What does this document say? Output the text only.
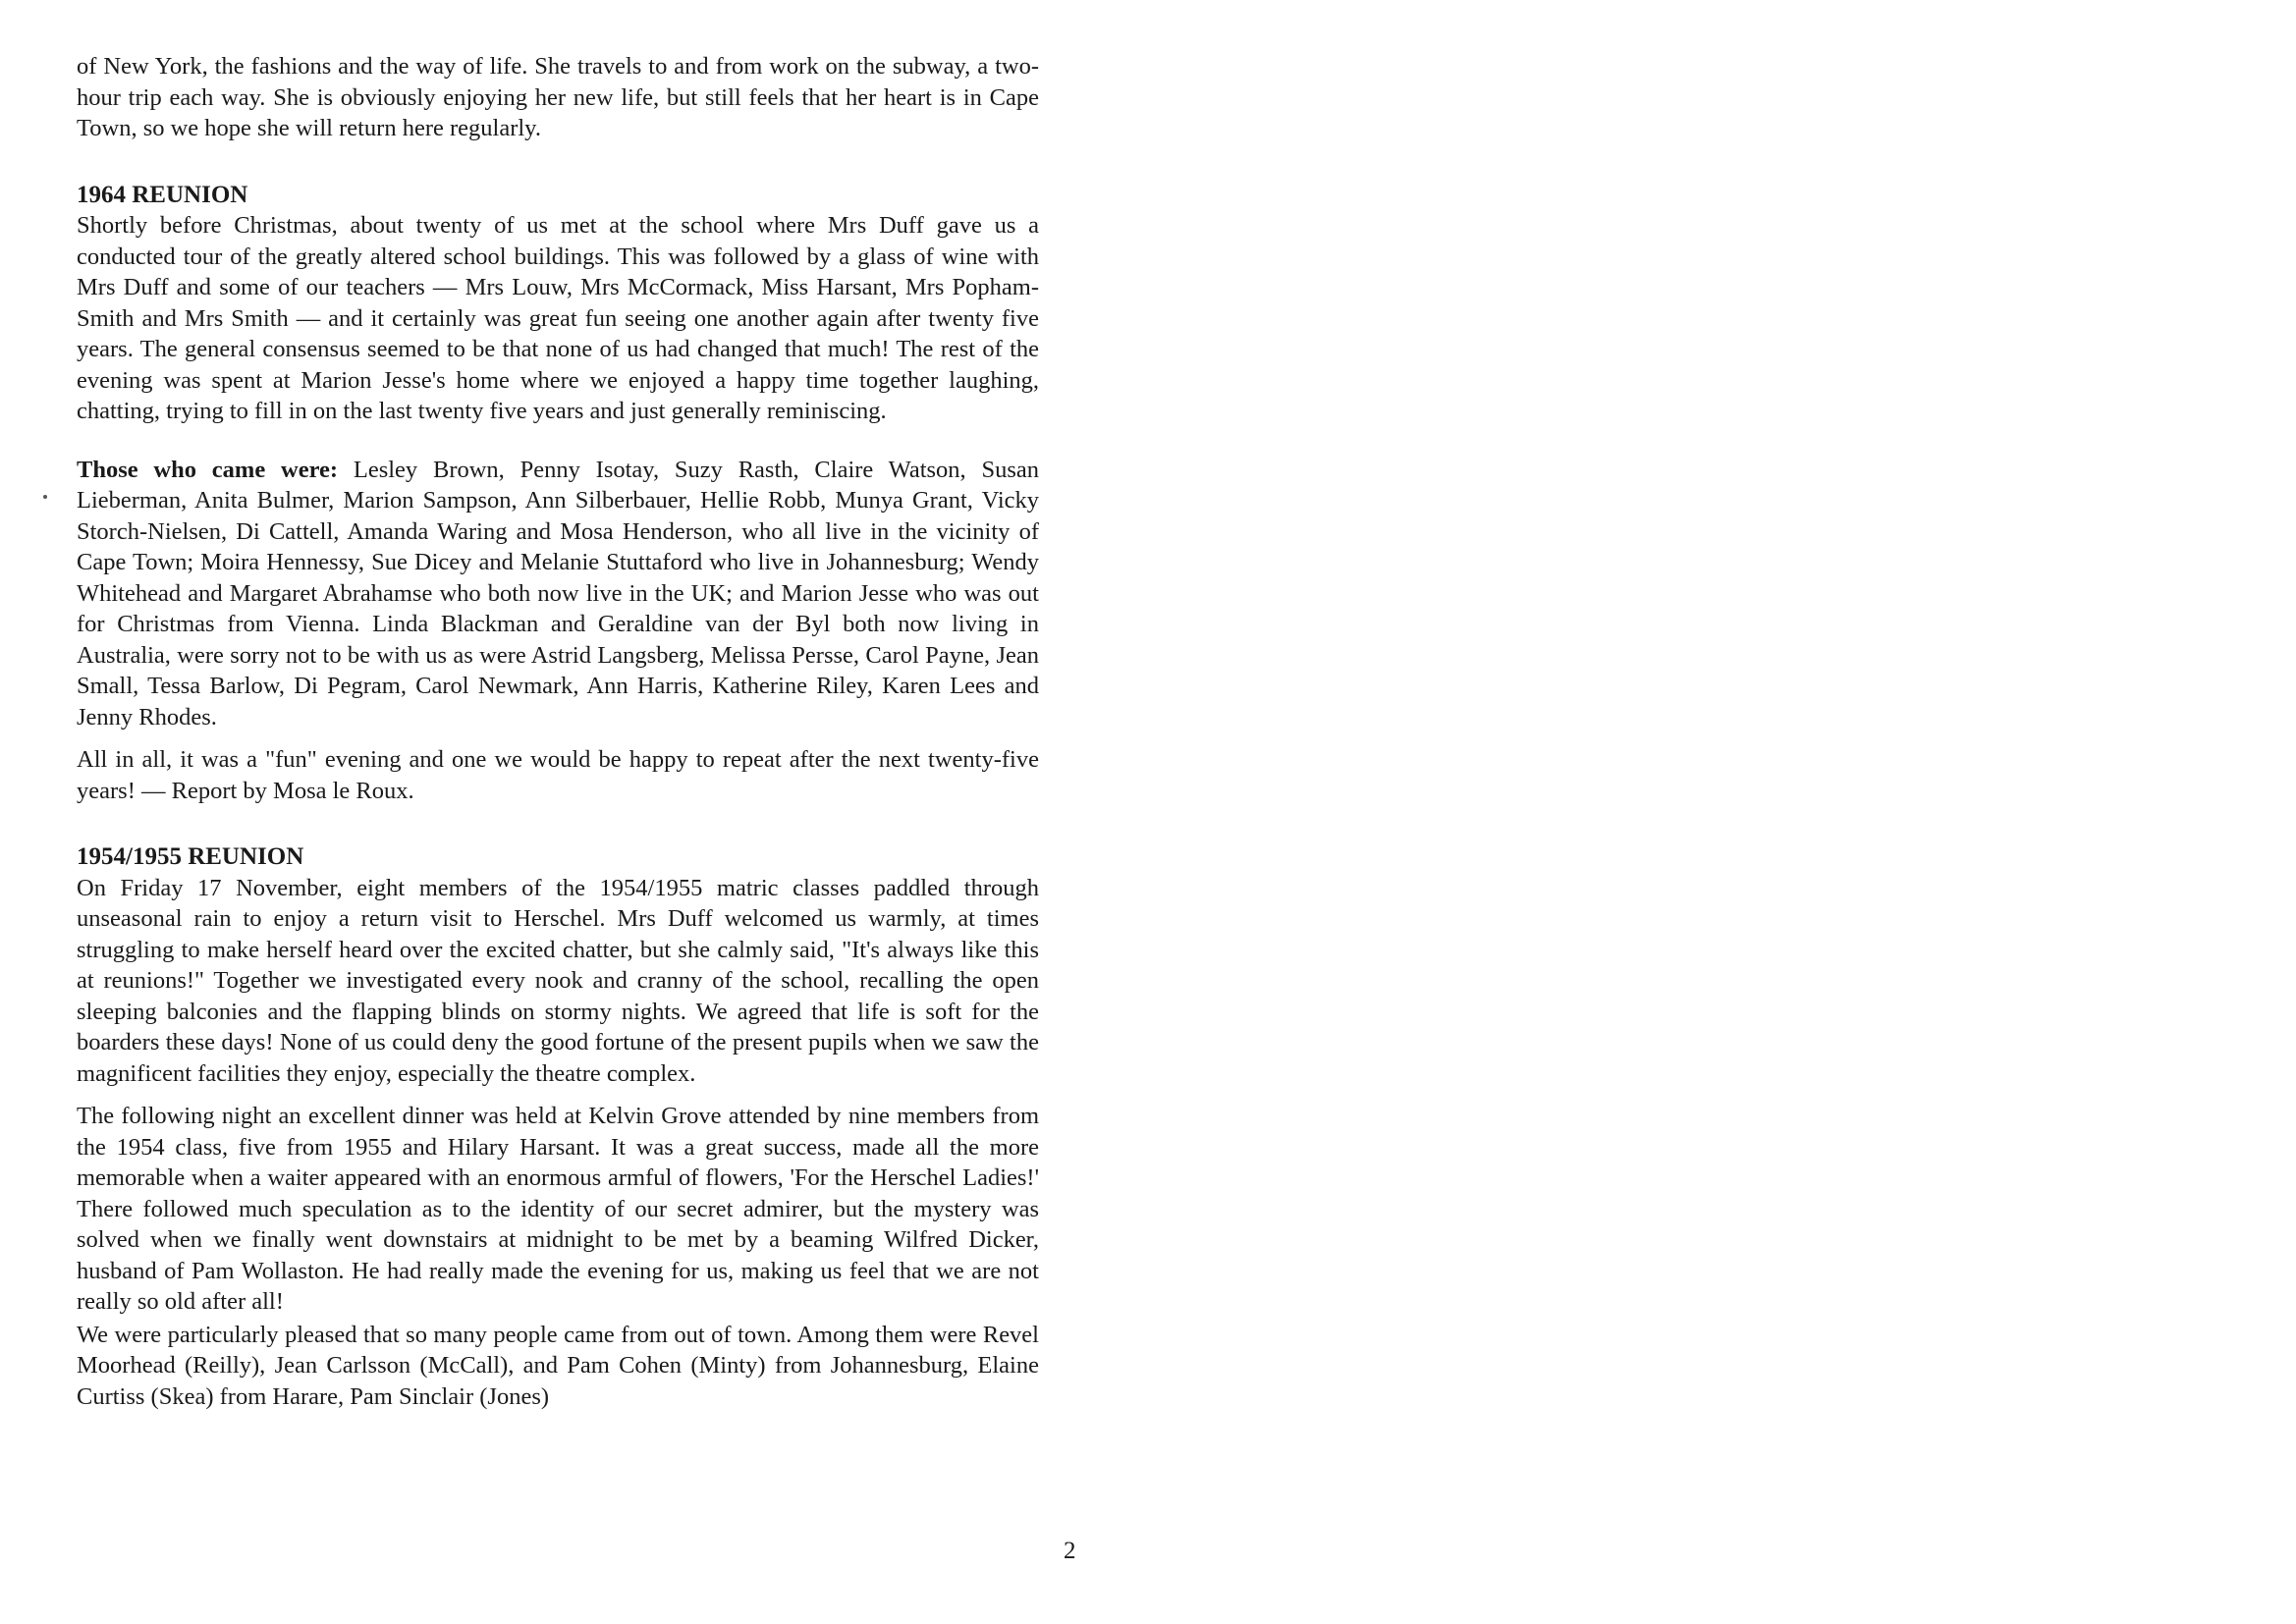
of New York, the fashions and the way of life. She travels to and from work on the subway, a two-hour trip each way. She is obviously enjoying her new life, but still feels that her heart is in Cape Town, so we hope she will return here regularly.

1964 REUNION

Shortly before Christmas, about twenty of us met at the school where Mrs Duff gave us a conducted tour of the greatly altered school buildings. This was followed by a glass of wine with Mrs Duff and some of our teachers — Mrs Louw, Mrs McCormack, Miss Harsant, Mrs Popham-Smith and Mrs Smith — and it certainly was great fun seeing one another again after twenty five years. The general consensus seemed to be that none of us had changed that much! The rest of the evening was spent at Marion Jesse's home where we enjoyed a happy time together laughing, chatting, trying to fill in on the last twenty five years and just generally reminiscing.

Those who came were: Lesley Brown, Penny Isotay, Suzy Rasth, Claire Watson, Susan Lieberman, Anita Bulmer, Marion Sampson, Ann Silberbauer, Hellie Robb, Munya Grant, Vicky Storch-Nielsen, Di Cattell, Amanda Waring and Mosa Henderson, who all live in the vicinity of Cape Town; Moira Hennessy, Sue Dicey and Melanie Stuttaford who live in Johannesburg; Wendy Whitehead and Margaret Abrahamse who both now live in the UK; and Marion Jesse who was out for Christmas from Vienna. Linda Blackman and Geraldine van der Byl both now living in Australia, were sorry not to be with us as were Astrid Langsberg, Melissa Persse, Carol Payne, Jean Small, Tessa Barlow, Di Pegram, Carol Newmark, Ann Harris, Katherine Riley, Karen Lees and Jenny Rhodes.

All in all, it was a "fun" evening and one we would be happy to repeat after the next twenty-five years! — Report by Mosa le Roux.

1954/1955 REUNION

On Friday 17 November, eight members of the 1954/1955 matric classes paddled through unseasonal rain to enjoy a return visit to Herschel. Mrs Duff welcomed us warmly, at times struggling to make herself heard over the excited chatter, but she calmly said, "It's always like this at reunions!" Together we investigated every nook and cranny of the school, recalling the open sleeping balconies and the flapping blinds on stormy nights. We agreed that life is soft for the boarders these days! None of us could deny the good fortune of the present pupils when we saw the magnificent facilities they enjoy, especially the theatre complex.

The following night an excellent dinner was held at Kelvin Grove attended by nine members from the 1954 class, five from 1955 and Hilary Harsant. It was a great success, made all the more memorable when a waiter appeared with an enormous armful of flowers, 'For the Herschel Ladies!' There followed much speculation as to the identity of our secret admirer, but the mystery was solved when we finally went downstairs at midnight to be met by a beaming Wilfred Dicker, husband of Pam Wollaston. He had really made the evening for us, making us feel that we are not really so old after all!

We were particularly pleased that so many people came from out of town. Among them were Revel Moorhead (Reilly), Jean Carlsson (McCall), and Pam Cohen (Minty) from Johannesburg, Elaine Curtiss (Skea) from Harare, Pam Sinclair (Jones)

2
